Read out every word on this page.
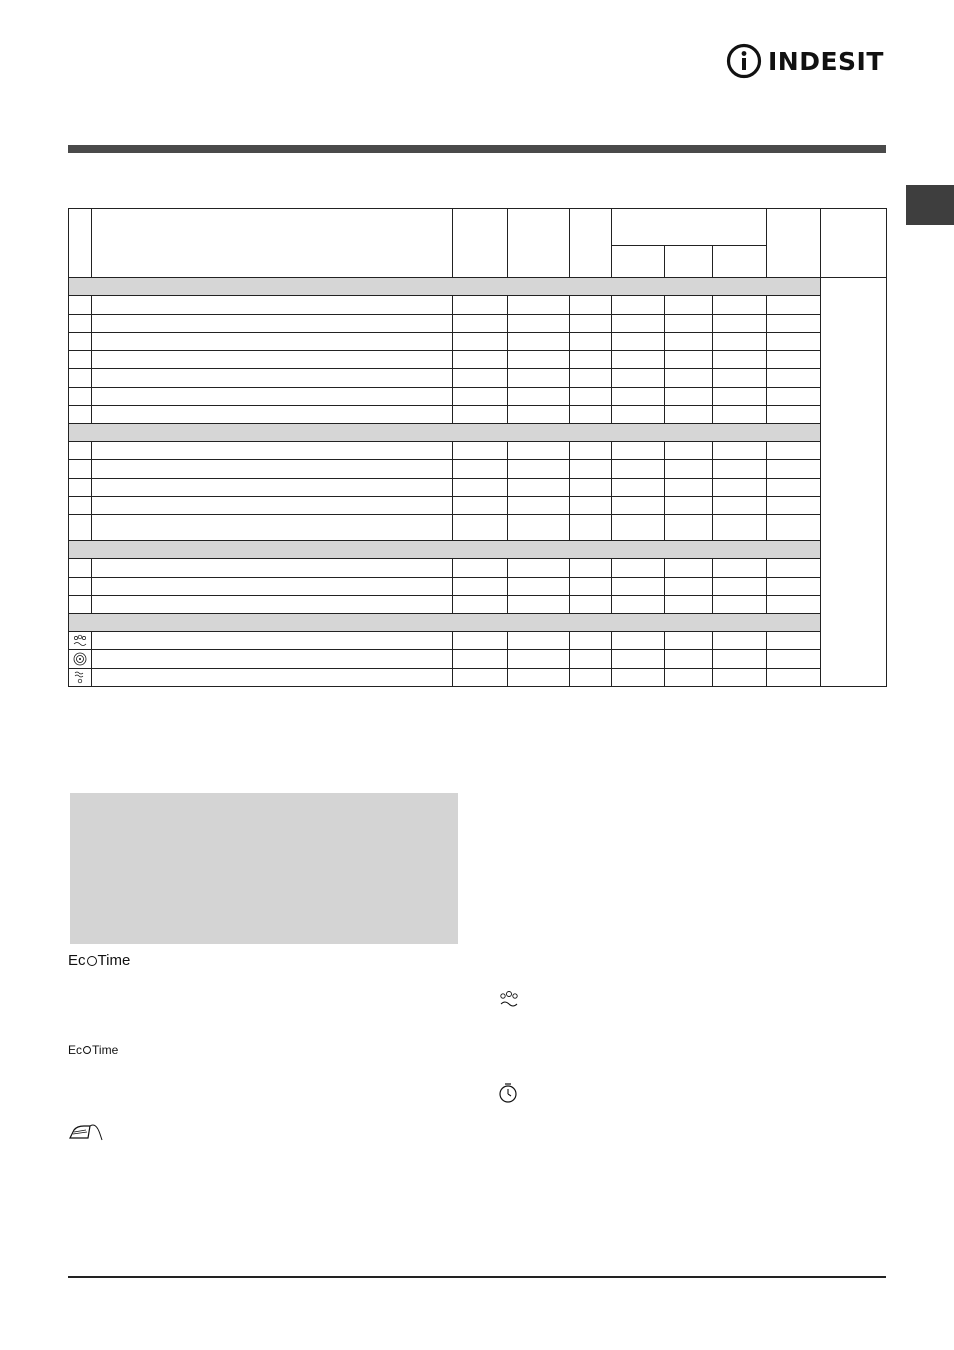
INDESIT

Ec Time
Ec Time
